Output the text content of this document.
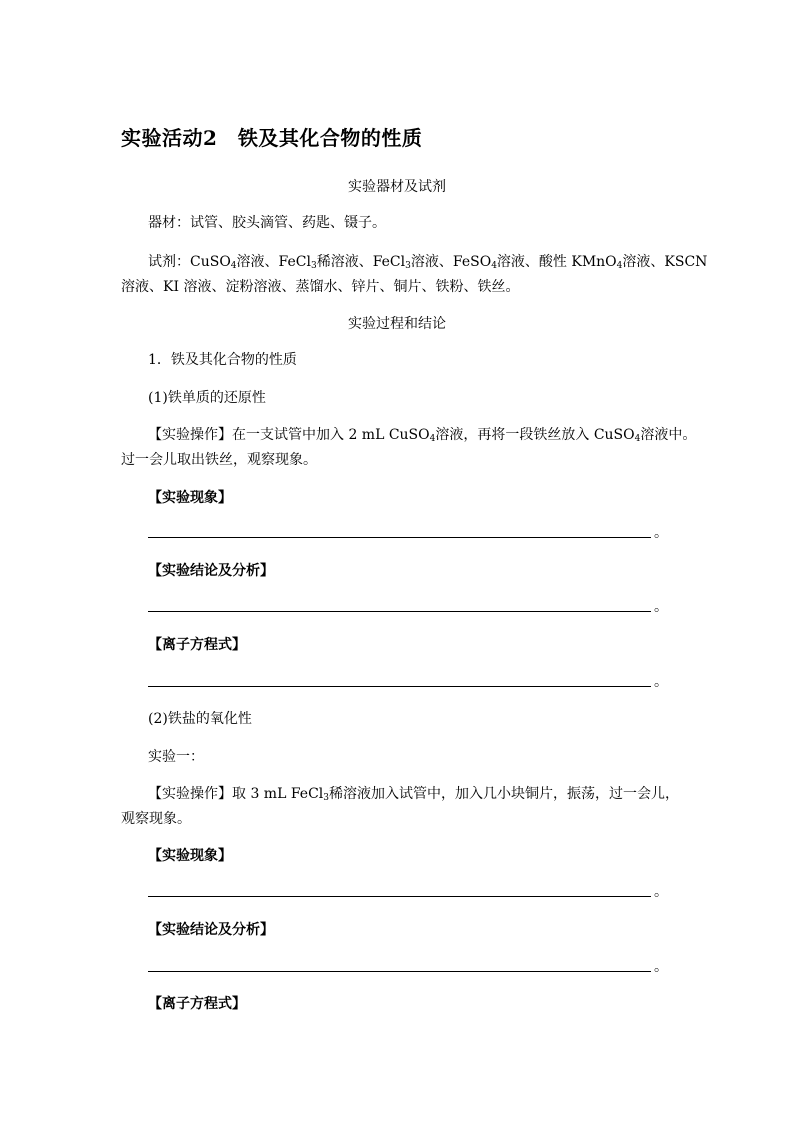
实验活动2　铁及其化合物的性质
实验器材及试剂
器材：试管、胶头滴管、药匙、镊子。
试剂：CuSO$_4$溶液、FeCl$_3$稀溶液、FeCl$_3$溶液、FeSO$_4$溶液、酸性 KMnO$_4$溶液、KSCN
溶液、KI 溶液、淀粉溶液、蒸馏水、锌片、铜片、铁粉、铁丝。
实验过程和结论
1．铁及其化合物的性质
(1)铁单质的还原性
【实验操作】在一支试管中加入 2 mL CuSO$_4$溶液，再将一段铁丝放入 CuSO$_4$溶液中。
过一会儿取出铁丝，观察现象。
【实验现象】
。
【实验结论及分析】
。
【离子方程式】
。
(2)铁盐的氧化性
实验一：
【实验操作】取 3 mL FeCl$_3$稀溶液加入试管中，加入几小块铜片，振荡，过一会儿，
观察现象。
【实验现象】
。
【实验结论及分析】
。
【离子方程式】
